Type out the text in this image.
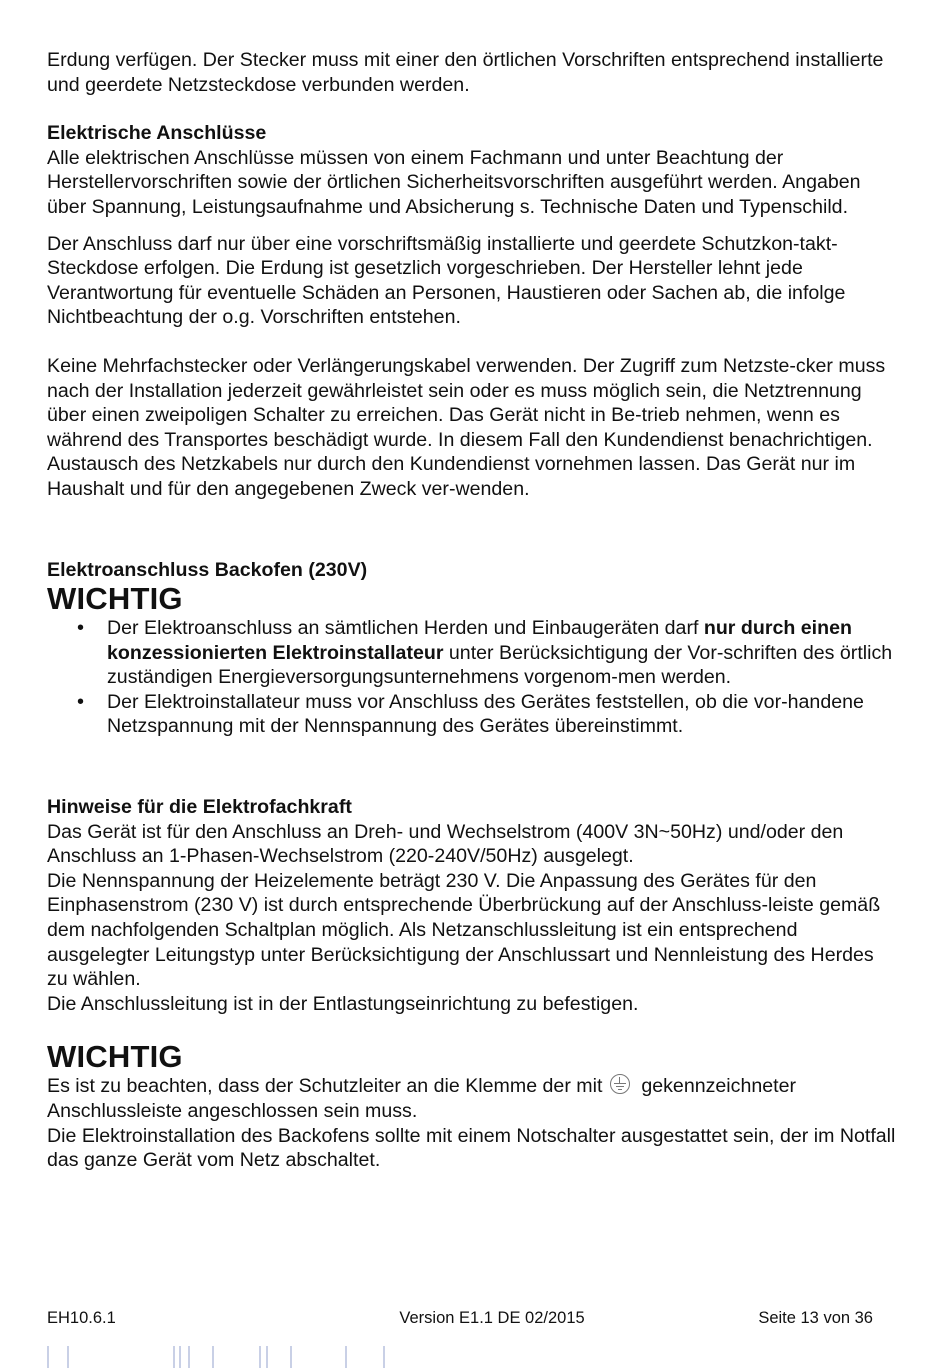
Erdung verfügen. Der Stecker muss mit einer den örtlichen Vorschriften entsprechend installierte und geerdete Netzsteckdose verbunden werden.

Elektrische Anschlüsse

Alle elektrischen Anschlüsse müssen von einem Fachmann und unter Beachtung der Herstellervorschriften sowie der örtlichen Sicherheitsvorschriften ausgeführt werden. Angaben über Spannung, Leistungsaufnahme und Absicherung s. Technische Daten und Typenschild.

Der Anschluss darf nur über eine vorschriftsmäßig installierte und geerdete Schutzkon-takt-Steckdose erfolgen. Die Erdung ist gesetzlich vorgeschrieben. Der Hersteller lehnt jede Verantwortung für eventuelle Schäden an Personen, Haustieren oder Sachen ab, die infolge Nichtbeachtung der o.g. Vorschriften entstehen.

Keine Mehrfachstecker oder Verlängerungskabel verwenden. Der Zugriff zum Netzste-cker muss nach der Installation jederzeit gewährleistet sein oder es muss möglich sein, die Netztrennung über einen zweipoligen Schalter zu erreichen. Das Gerät nicht in Be-trieb nehmen, wenn es während des Transportes beschädigt wurde. In diesem Fall den Kundendienst benachrichtigen. Austausch des Netzkabels nur durch den Kundendienst vornehmen lassen. Das Gerät nur im Haushalt und für den angegebenen Zweck ver-wenden.

Elektroanschluss Backofen (230V)

WICHTIG

• Der Elektroanschluss an sämtlichen Herden und Einbaugeräten darf nur durch einen konzessionierten Elektroinstallateur unter Berücksichtigung der Vor-schriften des örtlich zuständigen Energieversorgungsunternehmens vorgenom-men werden.
• Der Elektroinstallateur muss vor Anschluss des Gerätes feststellen, ob die vor-handene Netzspannung mit der Nennspannung des Gerätes übereinstimmt.

Hinweise für die Elektrofachkraft

Das Gerät ist für den Anschluss an Dreh- und Wechselstrom (400V 3N~50Hz) und/oder den Anschluss an 1-Phasen-Wechselstrom (220-240V/50Hz) ausgelegt.

Die Nennspannung der Heizelemente beträgt 230 V. Die Anpassung des Gerätes für den Einphasenstrom (230 V) ist durch entsprechende Überbrückung auf der Anschluss-leiste gemäß dem nachfolgenden Schaltplan möglich. Als Netzanschlussleitung ist ein entsprechend ausgelegter Leitungstyp unter Berücksichtigung der Anschlussart und Nennleistung des Herdes zu wählen.

Die Anschlussleitung ist in der Entlastungseinrichtung zu befestigen.

WICHTIG

Es ist zu beachten, dass der Schutzleiter an die Klemme der mit gekennzeichneter Anschlussleiste angeschlossen sein muss.

Die Elektroinstallation des Backofens sollte mit einem Notschalter ausgestattet sein, der im Notfall das ganze Gerät vom Netz abschaltet.

EH10.6.1	Version E1.1 DE 02/2015	Seite 13 von 36
